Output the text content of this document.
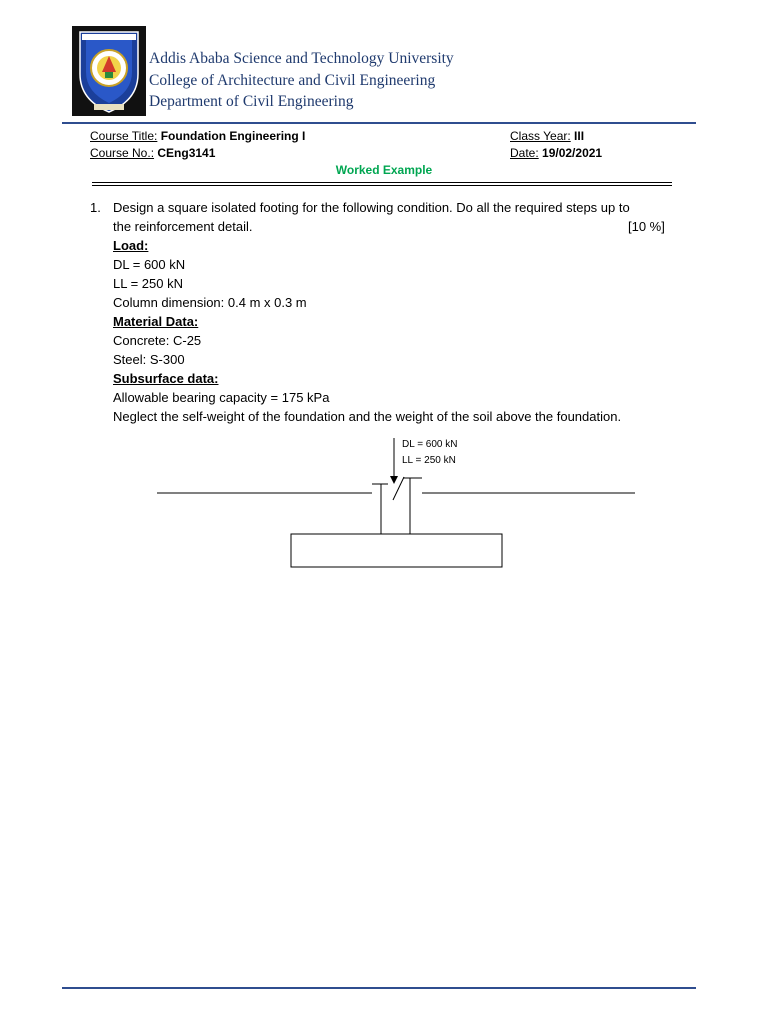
Addis Ababa Science and Technology University
College of Architecture and Civil Engineering
Department of Civil Engineering
Course Title: Foundation Engineering I
Course No.: CEng3141
Class Year: III
Date: 19/02/2021
Worked Example
1. Design a square isolated footing for the following condition. Do all the required steps up to
the reinforcement detail.	[10 %]
Load:
DL = 600 kN
LL = 250 kN
Column dimension: 0.4 m x 0.3 m
Material Data:
Concrete: C-25
Steel: S-300
Subsurface data:
Allowable bearing capacity = 175 kPa
Neglect the self-weight of the foundation and the weight of the soil above the foundation.
DL = 600 kN
LL = 250 kN
